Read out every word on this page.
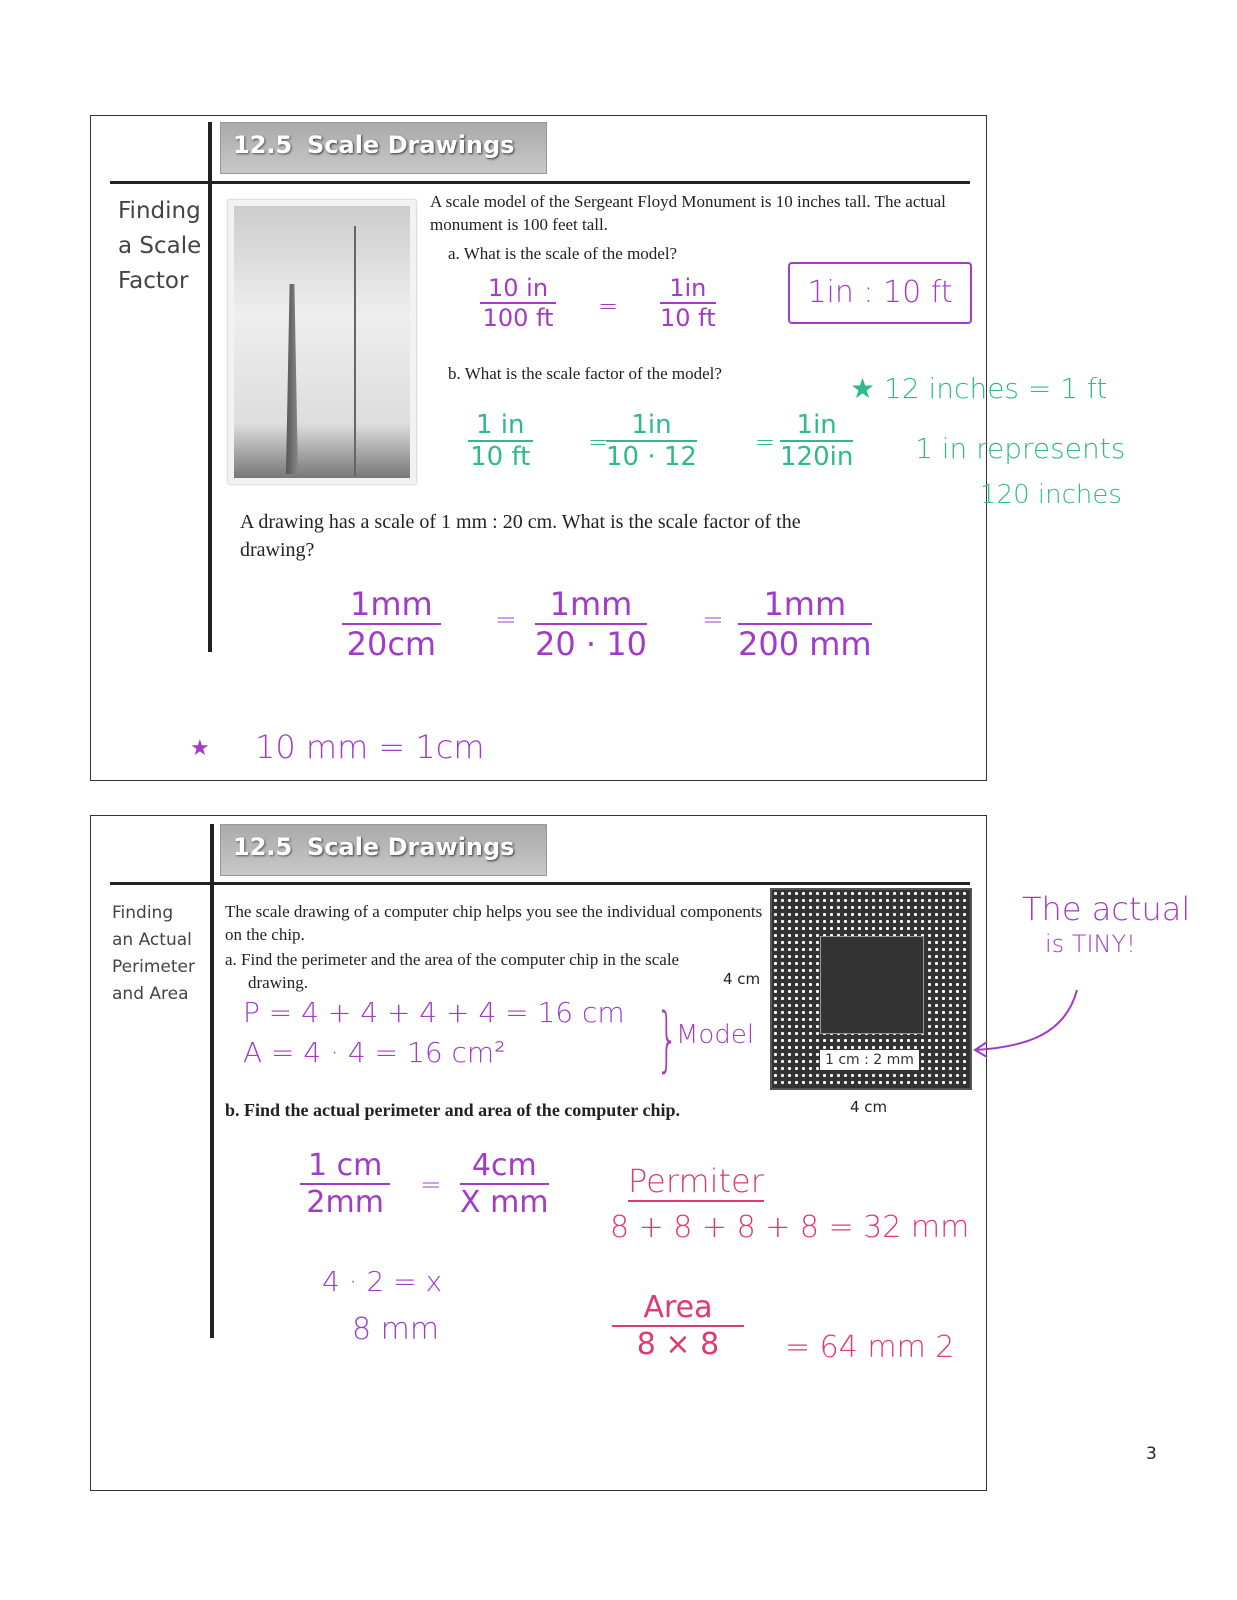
12.5 Scale Drawings
Finding
a Scale
Factor
A scale model of the Sergeant Floyd Monument is 10 inches tall. The actual monument is 100 feet tall.
a. What is the scale of the model?
$\frac{10 in}{100 ft} = \frac{1in}{10 ft}$	1in : 10 ft
b. What is the scale factor of the model?
$\frac{1 in}{10 ft}$ =
$\frac{1in}{10 \cdot 12} = \frac{1in}{120in}$
★ 12 inches = 1 ft
1 in represents
120 inches
A drawing has a scale of 1 mm : 20 cm. What is the scale factor of the drawing?
$\frac{1mm}{20cm} = \frac{1mm}{20 \cdot 10} = \frac{1mm}{200 mm}$
★ 10 mm = 1cm
12.5 Scale Drawings
Finding
an Actual
Perimeter
and Area
The scale drawing of a computer chip helps you see the individual components on the chip.
a. Find the perimeter and the area of the computer chip in the scale drawing.
1 cm : 2 mm
4 cm
4 cm
P = 4 + 4 + 4 + 4 = 16 cm
A = 4 · 4 = 16 cm² }
Model
b. Find the actual perimeter and area of the computer chip.
$\frac{1 cm}{2mm} = \frac{4cm}{\text{X mm}}$
4 · 2 = x
8 mm
Permiter
8 + 8 + 8 + 8 = 32 mm
Area
8 × 8	= 64 mm 2
The actual
is TINY!
3
